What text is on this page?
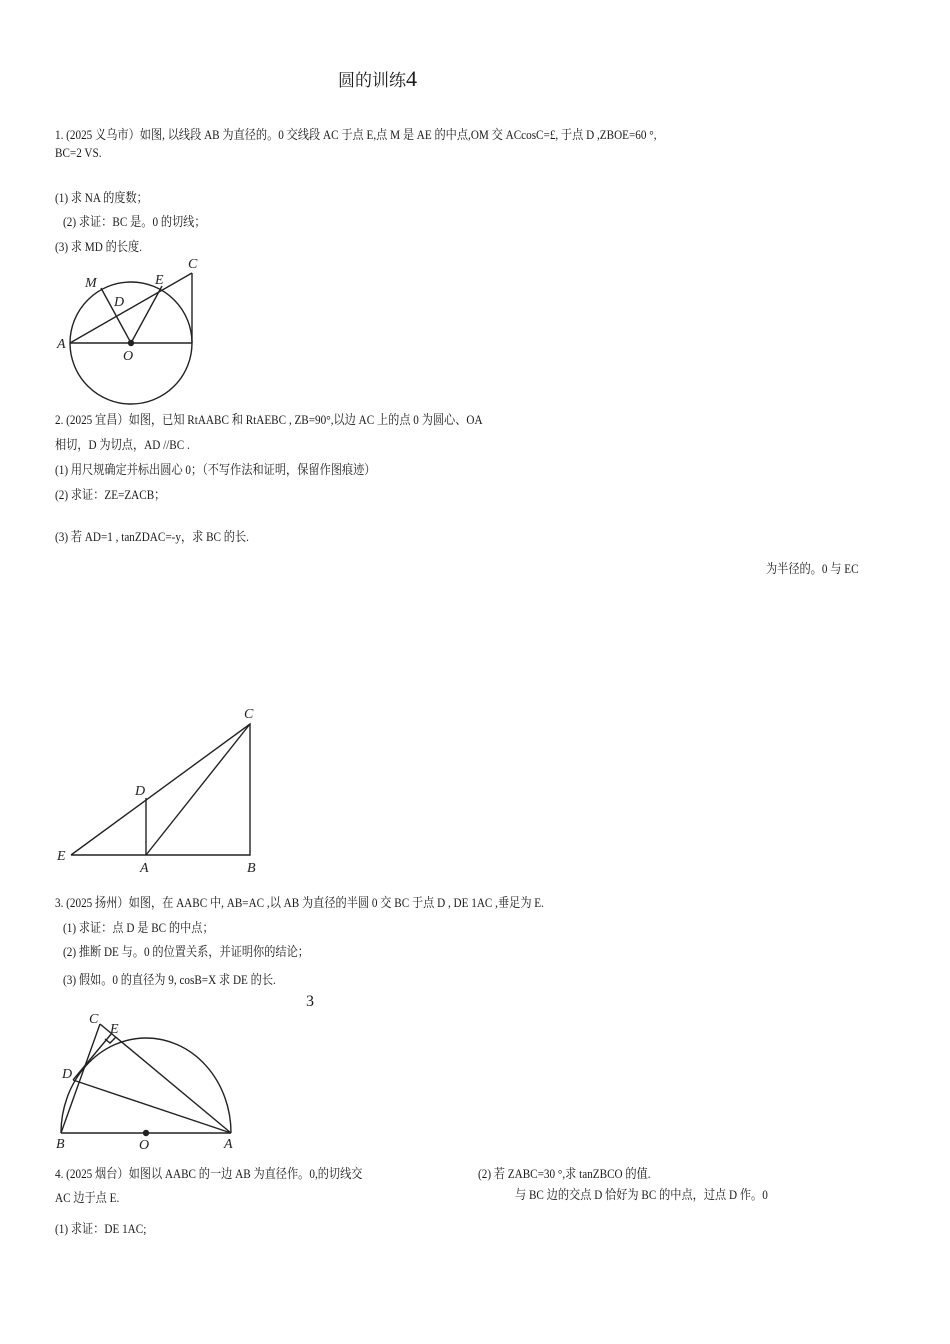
圆的训练4
1. (2025 义乌市）如图, 以线段 AB 为直径的。0 交线段 AC 于点 E,点 M 是 AE 的中点,OM 交 ACcosC=£, 于点 D ,ZBOE=60 °,
BC=2 VS.
(1) 求 NA 的度数；
(2) 求证：BC 是。0 的切线；
(3) 求 MD 的长度.
A
O
M
D
E
C
2. (2025 宜昌）如图，已知 RtAABC 和 RtAEBC , ZB=90°,以边 AC 上的点 0 为圆心、OA
相切，D 为切点，AD //BC .
(1) 用尺规确定并标出圆心 0；（不写作法和证明，保留作图痕迹）
(2) 求证：ZE=ZACB；
(3) 若 AD=1 , tanZDAC=-y，求 BC 的长.
为半径的。0 与 EC
C
D
E
A	B
3. (2025 扬州）如图，在 AABC 中, AB=AC ,以 AB 为直径的半圆 0 交 BC 于点 D , DE 1AC ,垂足为 E.
(1) 求证：点 D 是 BC 的中点；
(2) 推断 DE 与。0 的位置关系，并证明你的结论；
(3) 假如。0 的直径为 9, cosB=X 求 DE 的长.
3
C
E
D
B	O	A
4. (2025 烟台）如图以 AABC 的一边 AB 为直径作。0,的切线交	(2) 若 ZABC=30 °,求 tanZBCO 的值.
AC 边于点 E.	与 BC 边的交点 D 恰好为 BC 的中点，过点 D 作。0
(1) 求证：DE 1AC;
